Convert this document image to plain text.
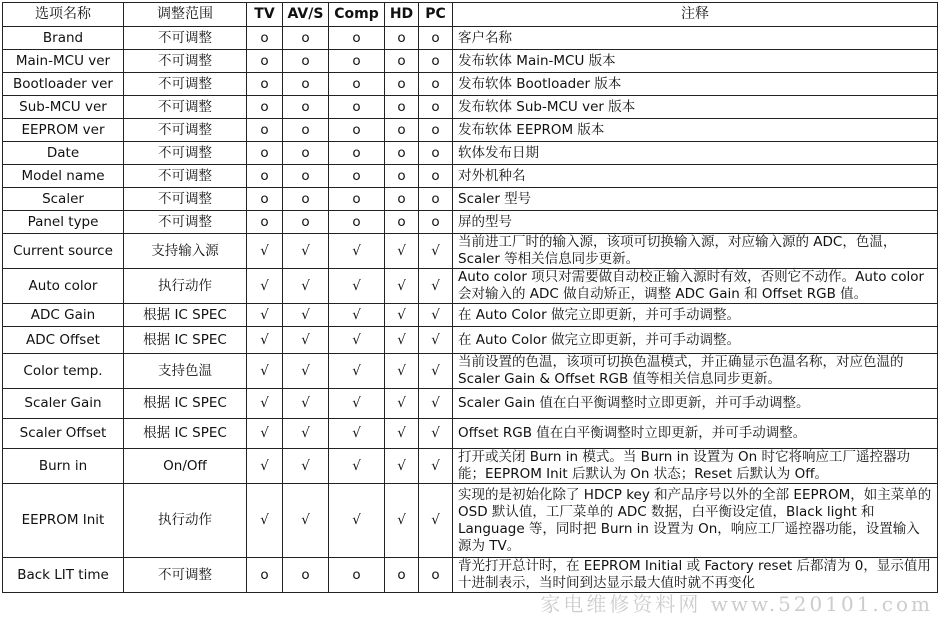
选项名称	调整范围	TV	AV/S	Comp	HD	PC	注释
Brand	不可调整	o	o	o	o	o	客户名称
Main-MCU ver	不可调整	o	o	o	o	o	发布软体 Main-MCU 版本
Bootloader ver	不可调整	o	o	o	o	o	发布软体 Bootloader 版本
Sub-MCU ver	不可调整	o	o	o	o	o	发布软体 Sub-MCU ver 版本
EEPROM ver	不可调整	o	o	o	o	o	发布软体 EEPROM 版本
Date	不可调整	o	o	o	o	o	软体发布日期
Model name	不可调整	o	o	o	o	o	对外机种名
Scaler	不可调整	o	o	o	o	o	Scaler 型号
Panel type	不可调整	o	o	o	o	o	屏的型号
Current source	支持输入源	√	√	√	√	√	当前进工厂时的输入源，该项可切换输入源，对应输入源的 ADC，色温，Scaler 等相关信息同步更新。
Auto color	执行动作	√	√	√	√	√	Auto color 项只对需要做自动校正输入源时有效，否则它不动作。Auto color 会对输入的 ADC 做自动矫正，调整 ADC Gain 和 Offset RGB 值。
ADC Gain	根据 IC SPEC	√	√	√	√	√	在 Auto Color 做完立即更新，并可手动调整。
ADC Offset	根据 IC SPEC	√	√	√	√	√	在 Auto Color 做完立即更新，并可手动调整。
Color temp.	支持色温	√	√	√	√	√	当前设置的色温，该项可切换色温模式，并正确显示色温名称，对应色温的 Scaler Gain & Offset RGB 值等相关信息同步更新。
Scaler Gain	根据 IC SPEC	√	√	√	√	√	Scaler Gain 值在白平衡调整时立即更新，并可手动调整。
Scaler Offset	根据 IC SPEC	√	√	√	√	√	Offset RGB 值在白平衡调整时立即更新，并可手动调整。
Burn in	On/Off	√	√	√	√	√	打开或关闭 Burn in 模式。当 Burn in 设置为 On 时它将响应工厂遥控器功能；EEPROM Init 后默认为 On 状态；Reset 后默认为 Off。
EEPROM Init	执行动作	√	√	√	√	√	实现的是初始化除了 HDCP key 和产品序号以外的全部 EEPROM，如主菜单的 OSD 默认值，工厂菜单的 ADC 数据，白平衡设定值，Black light 和 Language 等，同时把 Burn in 设置为 On，响应工厂遥控器功能，设置输入源为 TV。
Back LIT time	不可调整	o	o	o	o	o	背光打开总计时，在 EEPROM Initial 或 Factory reset 后都清为 0，显示值用十进制表示，当时间到达显示最大值时就不再变化
家电维修资料网 www.520101.com
